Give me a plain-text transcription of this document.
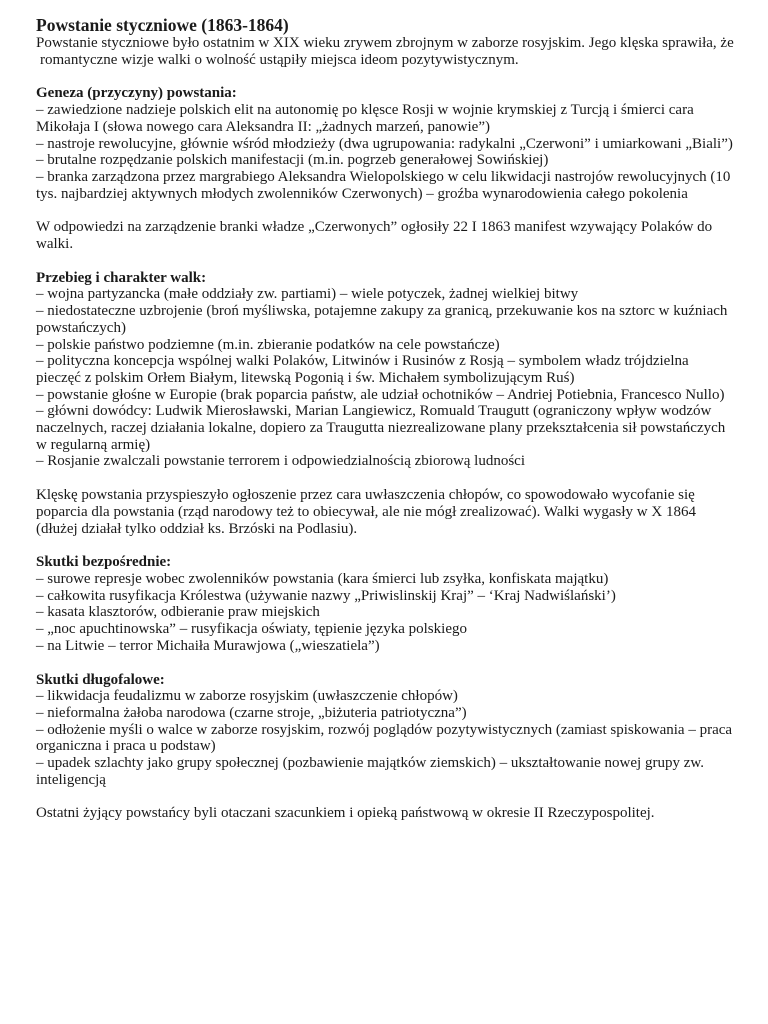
Powstanie styczniowe (1863-1864)

Powstanie styczniowe było ostatnim w XIX wieku zrywem zbrojnym w zaborze rosyjskim. Jego klęska sprawiła, że romantyczne wizje walki o wolność ustąpiły miejsca ideom pozytywistycznym.

Geneza (przyczyny) powstania:

– zawiedzione nadzieje polskich elit na autonomię po klęsce Rosji w wojnie krymskiej z Turcją i śmierci cara Mikołaja I (słowa nowego cara Aleksandra II: „żadnych marzeń, panowie”)
– nastroje rewolucyjne, głównie wśród młodzieży (dwa ugrupowania: radykalni „Czerwoni” i umiarkowani „Biali”)
– brutalne rozpędzanie polskich manifestacji (m.in. pogrzeb generałowej Sowińskiej)
– branka zarządzona przez margrabiego Aleksandra Wielopolskiego w celu likwidacji nastrojów rewolucyjnych (10 tys. najbardziej aktywnych młodych zwolenników Czerwonych) – groźba wynarodowienia całego pokolenia

W odpowiedzi na zarządzenie branki władze „Czerwonych” ogłosiły 22 I 1863 manifest wzywający Polaków do walki.

Przebieg i charakter walk:

– wojna partyzancka (małe oddziały zw. partiami) – wiele potyczek, żadnej wielkiej bitwy
– niedostateczne uzbrojenie (broń myśliwska, potajemne zakupy za granicą, przekuwanie kos na sztorc w kuźniach powstańczych)
– polskie państwo podziemne (m.in. zbieranie podatków na cele powstańcze)
– polityczna koncepcja wspólnej walki Polaków, Litwinów i Rusinów z Rosją – symbolem władz trójdzielna pieczęć z polskim Orłem Białym, litewską Pogonią i św. Michałem symbolizującym Ruś)
– powstanie głośne w Europie (brak poparcia państw, ale udział ochotników – Andriej Potiebnia, Francesco Nullo)
– główni dowódcy: Ludwik Mierosławski, Marian Langiewicz, Romuald Traugutt (ograniczony wpływ wodzów naczelnych, raczej działania lokalne, dopiero za Traugutta niezrealizowane plany przekształcenia sił powstańczych w regularną armię)
– Rosjanie zwalczali powstanie terrorem i odpowiedzialnością zbiorową ludności

Klęskę powstania przyspieszyło ogłoszenie przez cara uwłaszczenia chłopów, co spowodowało wycofanie się poparcia dla powstania (rząd narodowy też to obiecywał, ale nie mógł zrealizować). Walki wygasły w X 1864 (dłużej działał tylko oddział ks. Brzóski na Podlasiu).

Skutki bezpośrednie:

– surowe represje wobec zwolenników powstania (kara śmierci lub zsyłka, konfiskata majątku)
– całkowita rusyfikacja Królestwa (używanie nazwy „Priwislinskij Kraj” – ‘Kraj Nadwiślański’)
– kasata klasztorów, odbieranie praw miejskich
– „noc apuchtinowska” – rusyfikacja oświaty, tępienie języka polskiego
– na Litwie – terror Michaiła Murawjowa („wieszatiela”)

Skutki długofalowe:

– likwidacja feudalizmu w zaborze rosyjskim (uwłaszczenie chłopów)
– nieformalna żałoba narodowa (czarne stroje, „biżuteria patriotyczna”)
– odłożenie myśli o walce w zaborze rosyjskim, rozwój poglądów pozytywistycznych (zamiast spiskowania – praca organiczna i praca u podstaw)
– upadek szlachty jako grupy społecznej (pozbawienie majątków ziemskich) – ukształtowanie nowej grupy zw. inteligencją

Ostatni żyjący powstańcy byli otaczani szacunkiem i opieką państwową w okresie II Rzeczypospolitej.
